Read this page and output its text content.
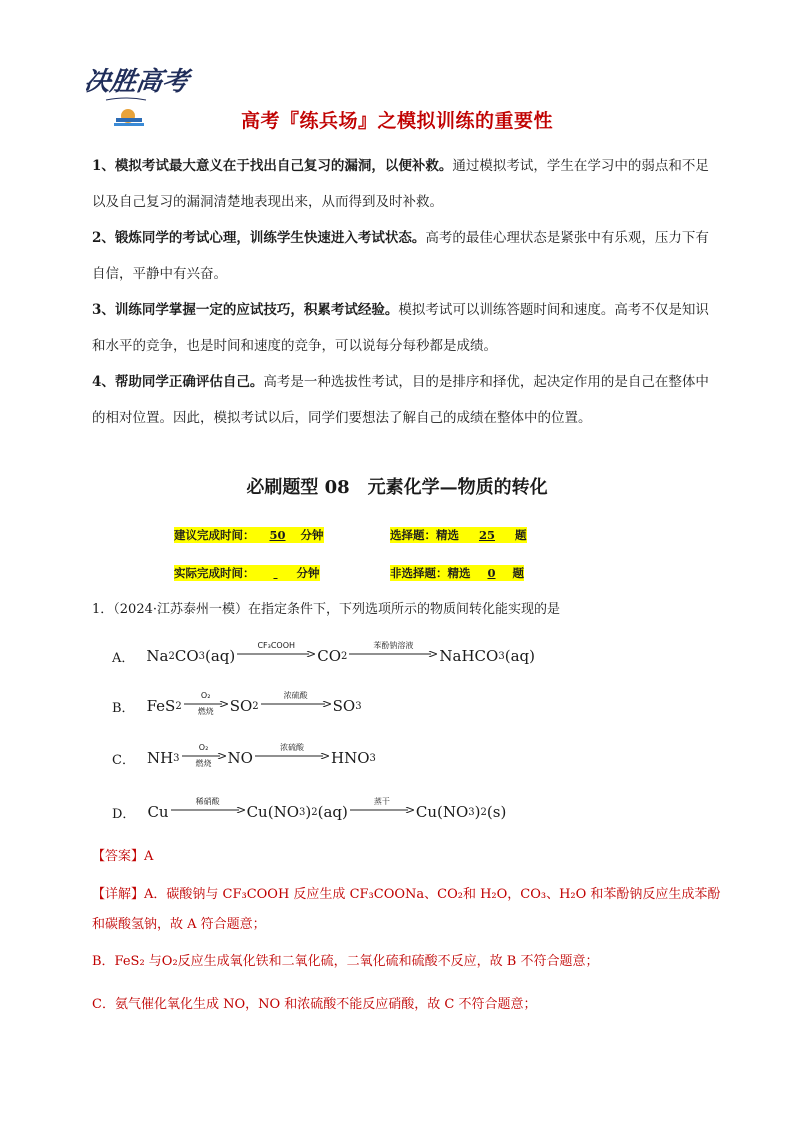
决胜高考
高考『练兵场』之模拟训练的重要性
1、模拟考试最大意义在于找出自己复习的漏洞，以便补救。通过模拟考试，学生在学习中的弱点和不足以及自己复习的漏洞清楚地表现出来，从而得到及时补救。
2、锻炼同学的考试心理，训练学生快速进入考试状态。高考的最佳心理状态是紧张中有乐观，压力下有自信，平静中有兴奋。
3、训练同学掌握一定的应试技巧，积累考试经验。模拟考试可以训练答题时间和速度。高考不仅是知识和水平的竞争，也是时间和速度的竞争，可以说每分每秒都是成绩。
4、帮助同学正确评估自己。高考是一种选拔性考试，目的是排序和择优，起决定作用的是自己在整体中的相对位置。因此，模拟考试以后，同学们要想法了解自己的成绩在整体中的位置。
必刷题型 08　元素化学—物质的转化
建议完成时间： 50 分钟	选择题：精选 25 题
实际完成时间：	分钟	非选择题：精选 0 题
1．（2024·江苏泰州一模）在指定条件下，下列选项所示的物质间转化能实现的是
A． Na 2 CO 3 (aq)
CF₃COOH
CO 2
苯酚钠溶液
NaHCO 3 (aq)
B． FeS 2
O₂
燃烧 SO 2
浓硫酸
SO 3
C． NH 3
O₂
燃烧 NO
浓硫酸
HNO 3
D． Cu
稀硝酸
Cu(NO 3 ) 2 (aq)
蒸干
Cu(NO 3 ) 2 (s)
【答案】A
【详解】A．碳酸钠与 CF₃COOH 反应生成 CF₃COONa、CO₂和 H₂O，CO₃、H₂O 和苯酚钠反应生成苯酚和碳酸氢钠，故 A 符合题意；
B．FeS₂ 与O₂反应生成氧化铁和二氧化硫，二氧化硫和硫酸不反应，故 B 不符合题意；
C．氨气催化氧化生成 NO，NO 和浓硫酸不能反应硝酸，故 C 不符合题意；
